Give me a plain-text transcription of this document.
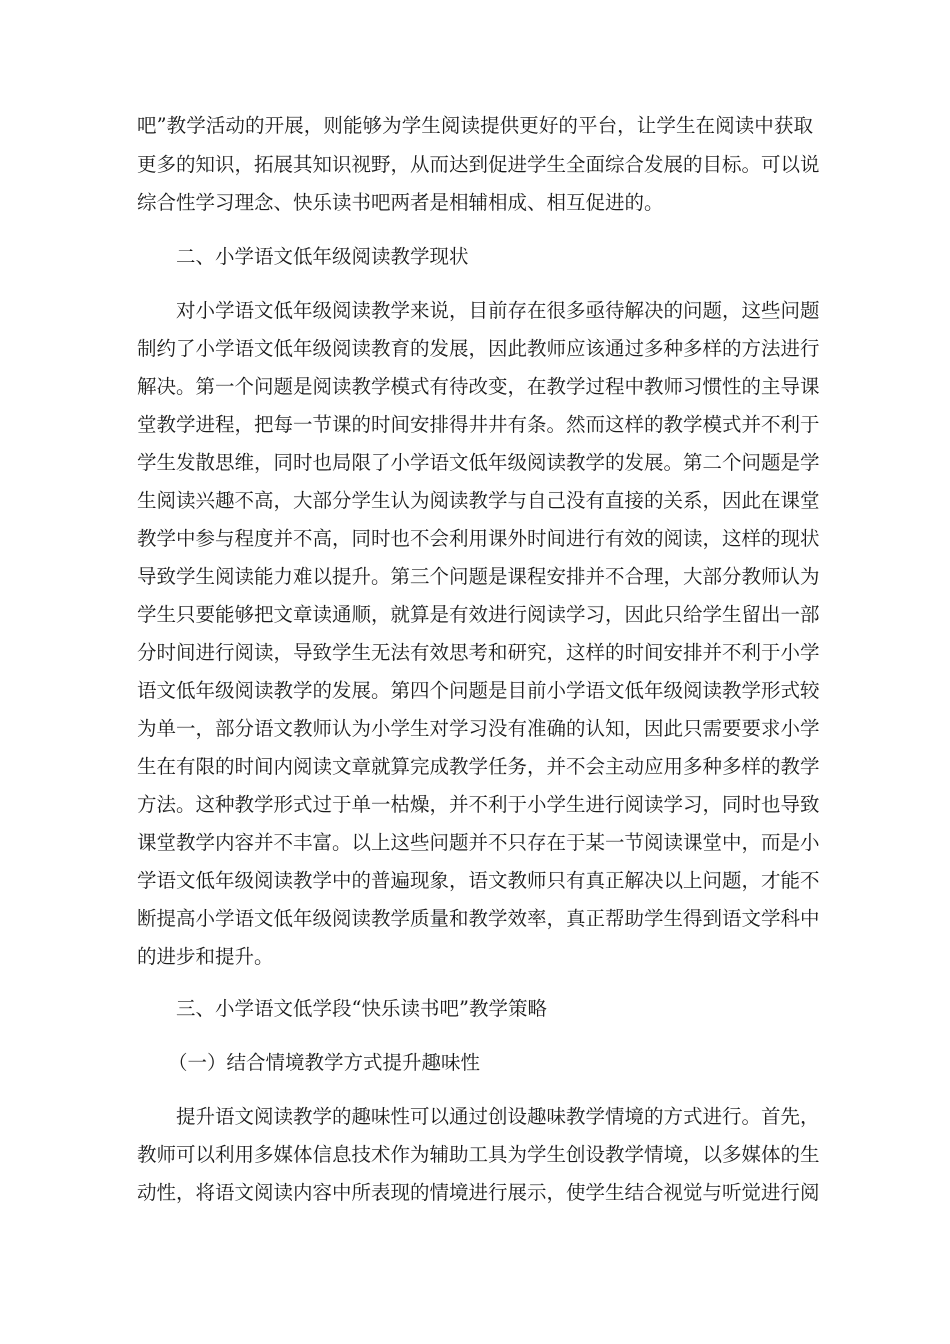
吧”教学活动的开展，则能够为学生阅读提供更好的平台，让学生在阅读中获取
更多的知识，拓展其知识视野，从而达到促进学生全面综合发展的目标。可以说
综合性学习理念、快乐读书吧两者是相辅相成、相互促进的。
二、小学语文低年级阅读教学现状
对小学语文低年级阅读教学来说，目前存在很多亟待解决的问题，这些问题
制约了小学语文低年级阅读教育的发展，因此教师应该通过多种多样的方法进行
解决。第一个问题是阅读教学模式有待改变，在教学过程中教师习惯性的主导课
堂教学进程，把每一节课的时间安排得井井有条。然而这样的教学模式并不利于
学生发散思维，同时也局限了小学语文低年级阅读教学的发展。第二个问题是学
生阅读兴趣不高，大部分学生认为阅读教学与自己没有直接的关系，因此在课堂
教学中参与程度并不高，同时也不会利用课外时间进行有效的阅读，这样的现状
导致学生阅读能力难以提升。第三个问题是课程安排并不合理，大部分教师认为
学生只要能够把文章读通顺，就算是有效进行阅读学习，因此只给学生留出一部
分时间进行阅读，导致学生无法有效思考和研究，这样的时间安排并不利于小学
语文低年级阅读教学的发展。第四个问题是目前小学语文低年级阅读教学形式较
为单一，部分语文教师认为小学生对学习没有准确的认知，因此只需要要求小学
生在有限的时间内阅读文章就算完成教学任务，并不会主动应用多种多样的教学
方法。这种教学形式过于单一枯燥，并不利于小学生进行阅读学习，同时也导致
课堂教学内容并不丰富。以上这些问题并不只存在于某一节阅读课堂中，而是小
学语文低年级阅读教学中的普遍现象，语文教师只有真正解决以上问题，才能不
断提高小学语文低年级阅读教学质量和教学效率，真正帮助学生得到语文学科中
的进步和提升。
三、小学语文低学段“快乐读书吧”教学策略
（一）结合情境教学方式提升趣味性
提升语文阅读教学的趣味性可以通过创设趣味教学情境的方式进行。首先，
教师可以利用多媒体信息技术作为辅助工具为学生创设教学情境，以多媒体的生
动性，将语文阅读内容中所表现的情境进行展示，使学生结合视觉与听觉进行阅
